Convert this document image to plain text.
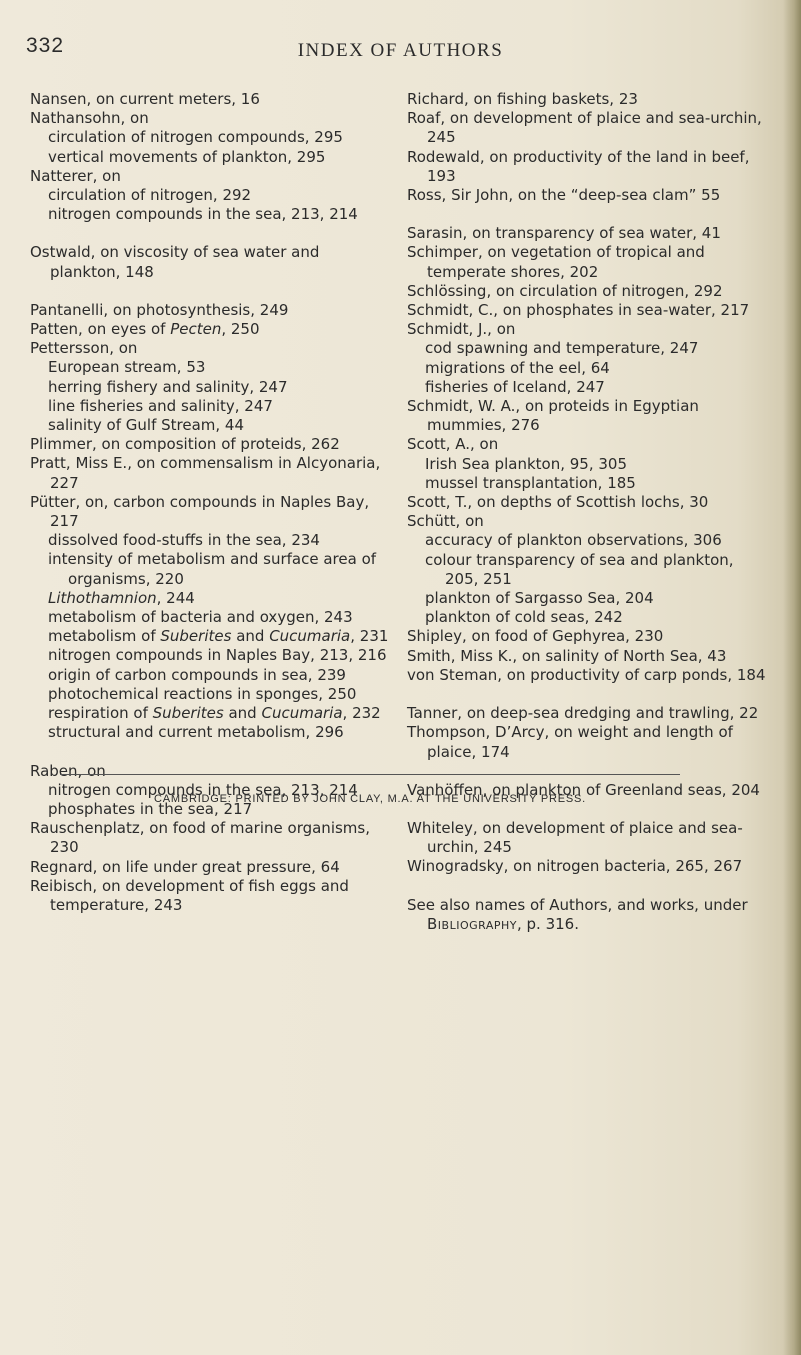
332	INDEX OF AUTHORS

Nansen, on current meters, 16

Nathansohn, on

circulation of nitrogen compounds, 295

vertical movements of plankton, 295

Natterer, on

circulation of nitrogen, 292

nitrogen compounds in the sea, 213, 214

Ostwald, on viscosity of sea water and plankton, 148

Pantanelli, on photosynthesis, 249

Patten, on eyes of Pecten, 250

Pettersson, on

European stream, 53

herring fishery and salinity, 247

line fisheries and salinity, 247

salinity of Gulf Stream, 44

Plimmer, on composition of proteids, 262

Pratt, Miss E., on commensalism in Alcyonaria, 227

Pütter, on, carbon compounds in Naples Bay, 217

dissolved food-stuffs in the sea, 234

intensity of metabolism and surface area of organisms, 220

Lithothamnion, 244

metabolism of bacteria and oxygen, 243

metabolism of Suberites and Cucumaria, 231

nitrogen compounds in Naples Bay, 213, 216

origin of carbon compounds in sea, 239

photochemical reactions in sponges, 250

respiration of Suberites and Cucumaria, 232

structural and current metabolism, 296

Raben, on

nitrogen compounds in the sea, 213, 214

phosphates in the sea, 217

Rauschenplatz, on food of marine organisms, 230

Regnard, on life under great pressure, 64

Reibisch, on development of fish eggs and temperature, 243

Richard, on fishing baskets, 23

Roaf, on development of plaice and sea-urchin, 245

Rodewald, on productivity of the land in beef, 193

Ross, Sir John, on the “deep-sea clam” 55

Sarasin, on transparency of sea water, 41

Schimper, on vegetation of tropical and temperate shores, 202

Schlössing, on circulation of nitrogen, 292

Schmidt, C., on phosphates in sea-water, 217

Schmidt, J., on

cod spawning and temperature, 247

migrations of the eel, 64

fisheries of Iceland, 247

Schmidt, W. A., on proteids in Egyptian mummies, 276

Scott, A., on

Irish Sea plankton, 95, 305

mussel transplantation, 185

Scott, T., on depths of Scottish lochs, 30

Schütt, on

accuracy of plankton observations, 306

colour transparency of sea and plankton, 205, 251

plankton of Sargasso Sea, 204

plankton of cold seas, 242

Shipley, on food of Gephyrea, 230

Smith, Miss K., on salinity of North Sea, 43

von Steman, on productivity of carp ponds, 184

Tanner, on deep-sea dredging and trawling, 22

Thompson, D’Arcy, on weight and length of plaice, 174

Vanhöffen, on plankton of Greenland seas, 204

Whiteley, on development of plaice and sea-urchin, 245

Winogradsky, on nitrogen bacteria, 265, 267

See also names of Authors, and works, under Bibliography, p. 316.

CAMBRIDGE: PRINTED BY JOHN CLAY, M.A. AT THE UNIVERSITY PRESS.
